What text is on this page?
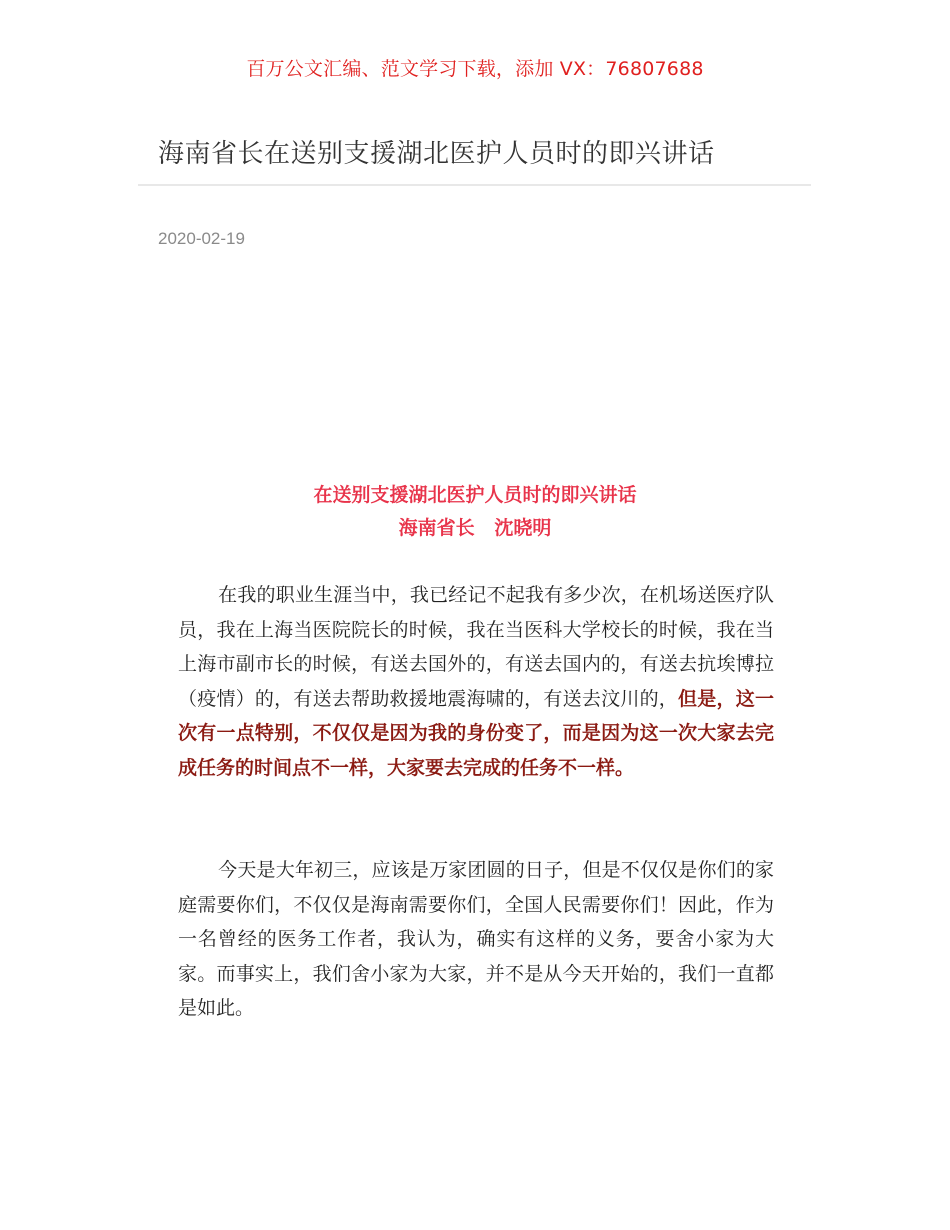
百万公文汇编、范文学习下载，添加 VX：76807688
海南省长在送别支援湖北医护人员时的即兴讲话
2020-02-19
在送别支援湖北医护人员时的即兴讲话
海南省长   沈晓明
在我的职业生涯当中，我已经记不起我有多少次，在机场送医疗队员，我在上海当医院院长的时候，我在当医科大学校长的时候，我在当上海市副市长的时候，有送去国外的，有送去国内的，有送去抗埃博拉（疫情）的，有送去帮助救援地震海啸的，有送去汶川的，但是，这一次有一点特别，不仅仅是因为我的身份变了，而是因为这一次大家去完成任务的时间点不一样，大家要去完成的任务不一样。
今天是大年初三，应该是万家团圆的日子，但是不仅仅是你们的家庭需要你们，不仅仅是海南需要你们，全国人民需要你们！因此，作为一名曾经的医务工作者，我认为，确实有这样的义务，要舍小家为大家。而事实上，我们舍小家为大家，并不是从今天开始的，我们一直都是如此。
